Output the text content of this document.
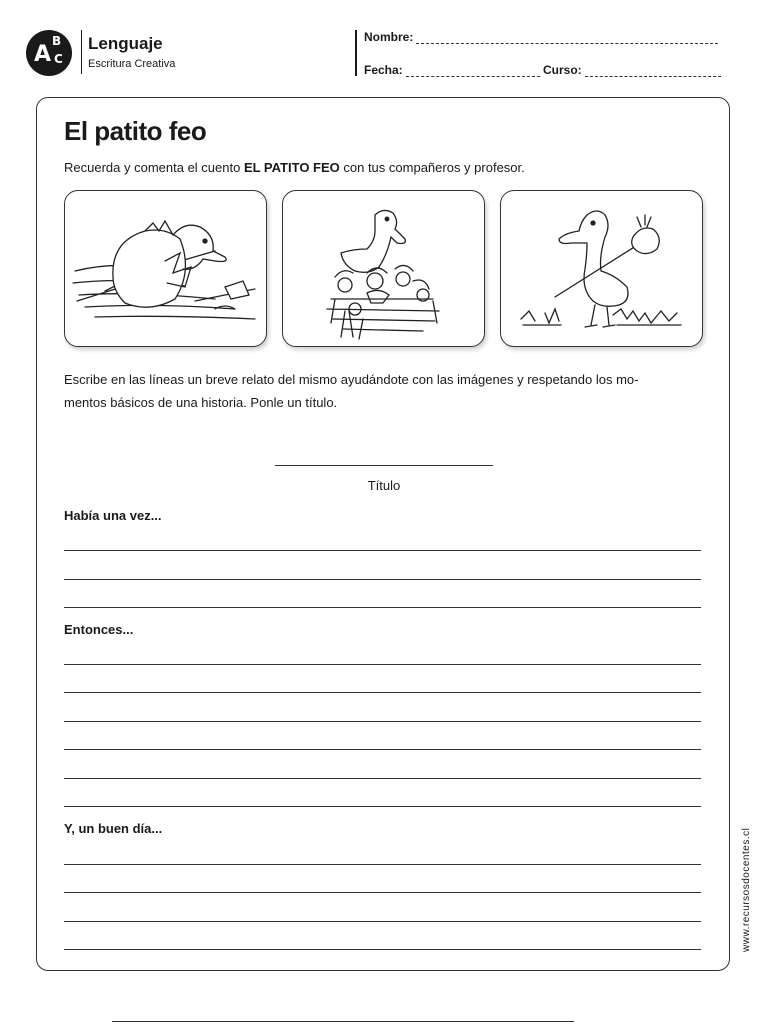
A
B
C
Lenguaje
Escritura Creativa
Nombre:
Fecha:	Curso:
El patito feo
Recuerda y comenta el cuento EL PATITO FEO con tus compañeros y profesor.
Escribe en las líneas un breve relato del mismo ayudándote con las imágenes y respetando los mo-
mentos básicos de una historia. Ponle un título.
Título
Había una vez...
Entonces...
Y, un buen día...	www.recursosdocentes.cl
